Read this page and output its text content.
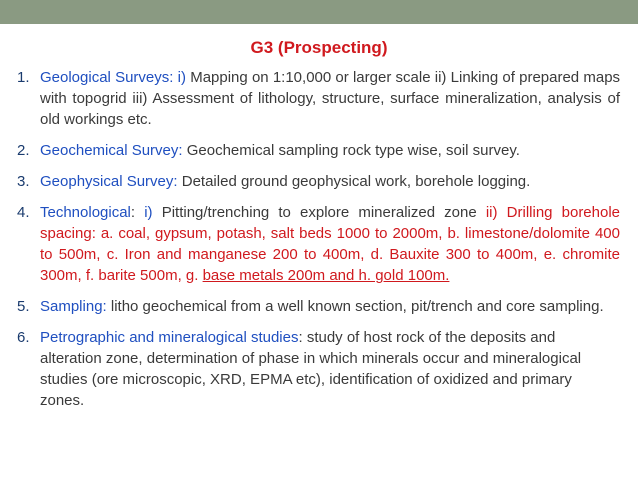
G3 (Prospecting)
1. Geological Surveys: i) Mapping on 1:10,000 or larger scale ii) Linking of prepared maps with topogrid iii) Assessment of lithology, structure, surface mineralization, analysis of old workings etc.
2. Geochemical Survey: Geochemical sampling rock type wise, soil survey.
3. Geophysical Survey: Detailed ground geophysical work, borehole logging.
4. Technological: i) Pitting/trenching to explore mineralized zone ii) Drilling borehole spacing: a. coal, gypsum, potash, salt beds 1000 to 2000m, b. limestone/dolomite 400 to 500m, c. Iron and manganese 200 to 400m, d. Bauxite 300 to 400m, e. chromite 300m, f. barite 500m, g. base metals 200m and h. gold 100m.
5. Sampling: litho geochemical from a well known section, pit/trench and core sampling.
6. Petrographic and mineralogical studies: study of host rock of the deposits and alteration zone, determination of phase in which minerals occur and mineralogical studies (ore microscopic, XRD, EPMA etc), identification of oxidized and primary zones.
